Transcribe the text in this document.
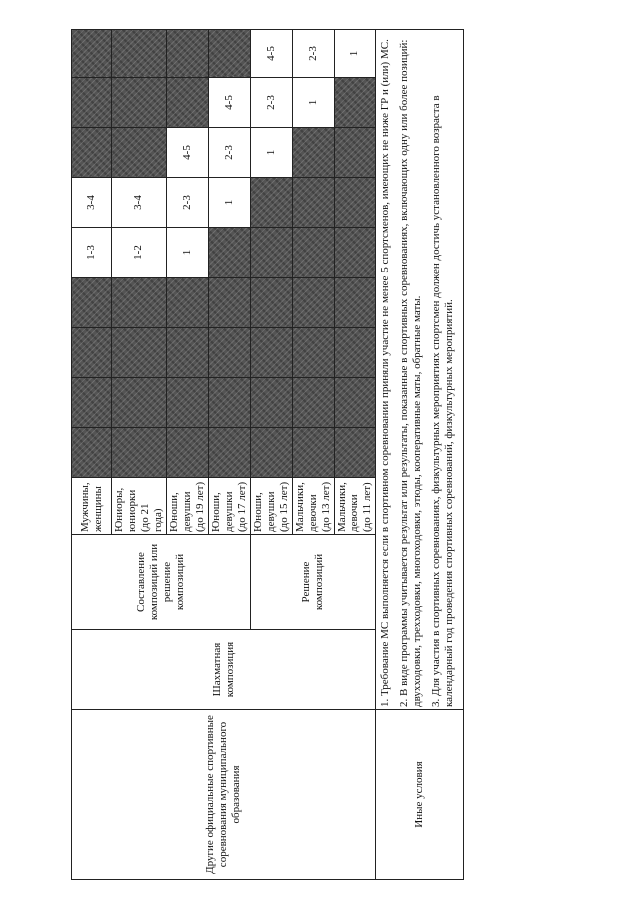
Другие официальные спортивные соревнования муниципального образования	Шахматная композиция	Составление композиций или решение композиций	Мужчины, женщины					1-3	3-4			
			Юниоры, юниорки (до 21 года)					1-2	3-4			
			Юноши, девушки (до 19 лет)					1	2-3	4-5		
			Юноши, девушки (до 17 лет)						1	2-3	4-5	
		Решение композиций	Юноши, девушки (до 15 лет)							1	2-3	4-5
			Мальчики, девочки (до 13 лет)								1	2-3
			Мальчики, девочки (до 11 лет)									1
Иные условия	1. Требование МС выполняется если в спортивном соревновании приняли участие не менее 5 спортсменов, имеющих не ниже ГР и (или) МС. 2. В виде программы учитывается результат или результаты, показанные в спортивных соревнованиях, включающих одну или более позиций: двухходовки, трехходовки, многоходовки, этюды, кооперативные маты, обратные маты. 3. Для участия в спортивных соревнованиях, физкультурных мероприятиях спортсмен должен достичь установленного возраста в календарный год проведения спортивных соревнований, физкультурных мероприятий.											
